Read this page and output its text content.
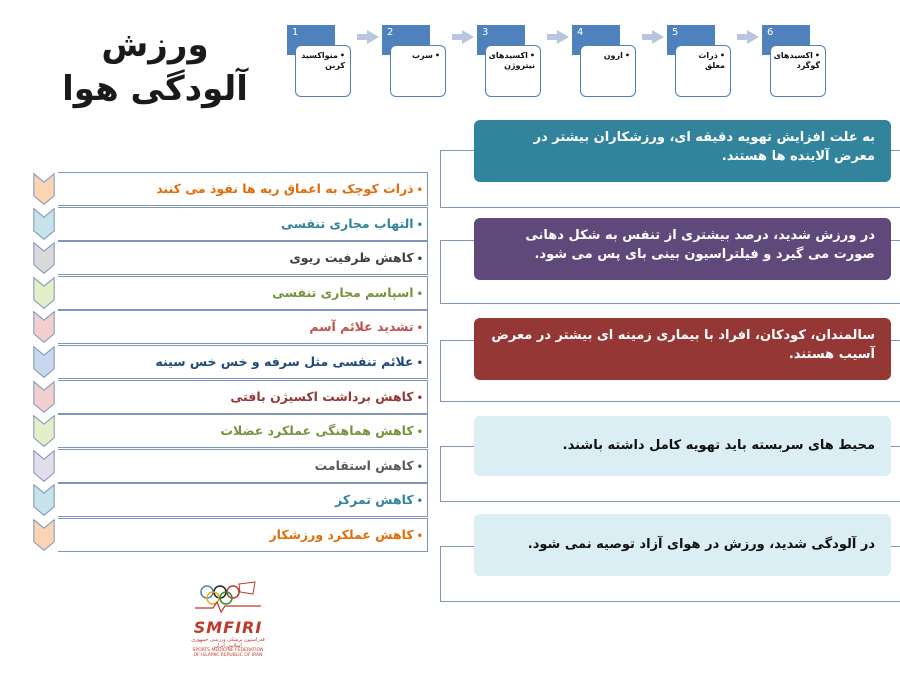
ورزش
آلودگی هوا
1
•منواکسید کربن
2
•سرب
3
•اکسیدهای نیتروژن
4
•ازون
5
•ذرات معلق
6
•اکسیدهای گوگرد
•ذرات کوچک به اعماق ریه ها نفوذ می کنند
•التهاب مجاری تنفسی
•کاهش ظرفیت ریوی
•اسپاسم مجاری تنفسی
•تشدید علائم آسم
•علائم تنفسی مثل سرفه و خس خس سینه
•کاهش برداشت اکسیژن بافتی
•کاهش هماهنگی عملکرد عضلات
•کاهش استقامت
•کاهش تمرکز
•کاهش عملکرد ورزشکار
به علت افزایش تهویه دقیقه ای، ورزشکاران بیشتر در معرض آلاینده ها هستند.
در ورزش شدید، درصد بیشتری از تنفس به شکل دهانی صورت می گیرد و فیلتراسیون بینی بای پس می شود.
سالمندان، کودکان، افراد با بیماری زمینه ای بیشتر در معرض آسیب هستند.
محیط های سربسته باید تهویه کامل داشته باشند.
در آلودگی شدید، ورزش در هوای آزاد توصیه نمی شود.
SMFIRI
فدراسیون پزشکی ورزشی جمهوری اسلامی ایران
SPORTS MEDICINE FEDERATION
OF ISLAMIC REPUBLIC OF IRAN
